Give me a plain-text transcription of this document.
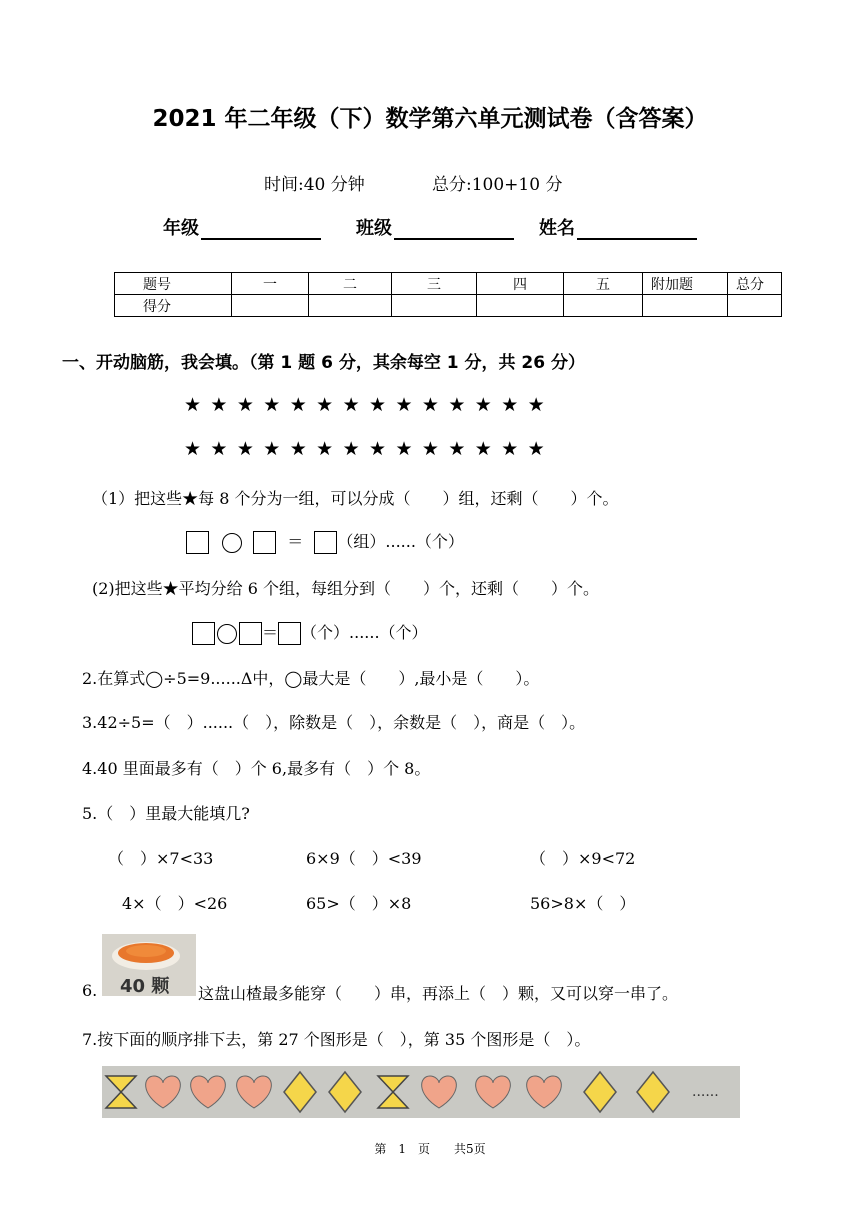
2021 年二年级（下）数学第六单元测试卷（含答案）
时间:40 分钟	总分:100+10 分
年级	班级	姓名
题号	一	二	三	四	五	附加题	总分
得分							
一、开动脑筋，我会填。（第 1 题 6 分，其余每空 1 分，共 26 分）
★★★★★★★★★★★★★★
★★★★★★★★★★★★★★
（1）把这些★每 8 个分为一组，可以分成（　　）组，还剩（　　）个。
＝ （组）......（个）
(2)把这些★平均分给 6 个组，每组分到（　　）个，还剩（　　）个。
＝ （个）......（个）
2.在算式◯÷5=9......Δ中，◯最大是（　　）,最小是（　　）。
3.42÷5=（　）......（　），除数是（　），余数是（　），商是（　）。
4.40 里面最多有（　）个 6,最多有（　）个 8。
5.（　）里最大能填几?
（　）×7<33	6×9（　）<39	（　）×9<72
4×（　）<26	65>（　）×8	56>8×（　）
6. 40 颗 这盘山楂最多能穿（　　）串，再添上（　）颗，又可以穿一串了。
7.按下面的顺序排下去，第 27 个图形是（　），第 35 个图形是（　）。
......
第　1　页　　共5页
